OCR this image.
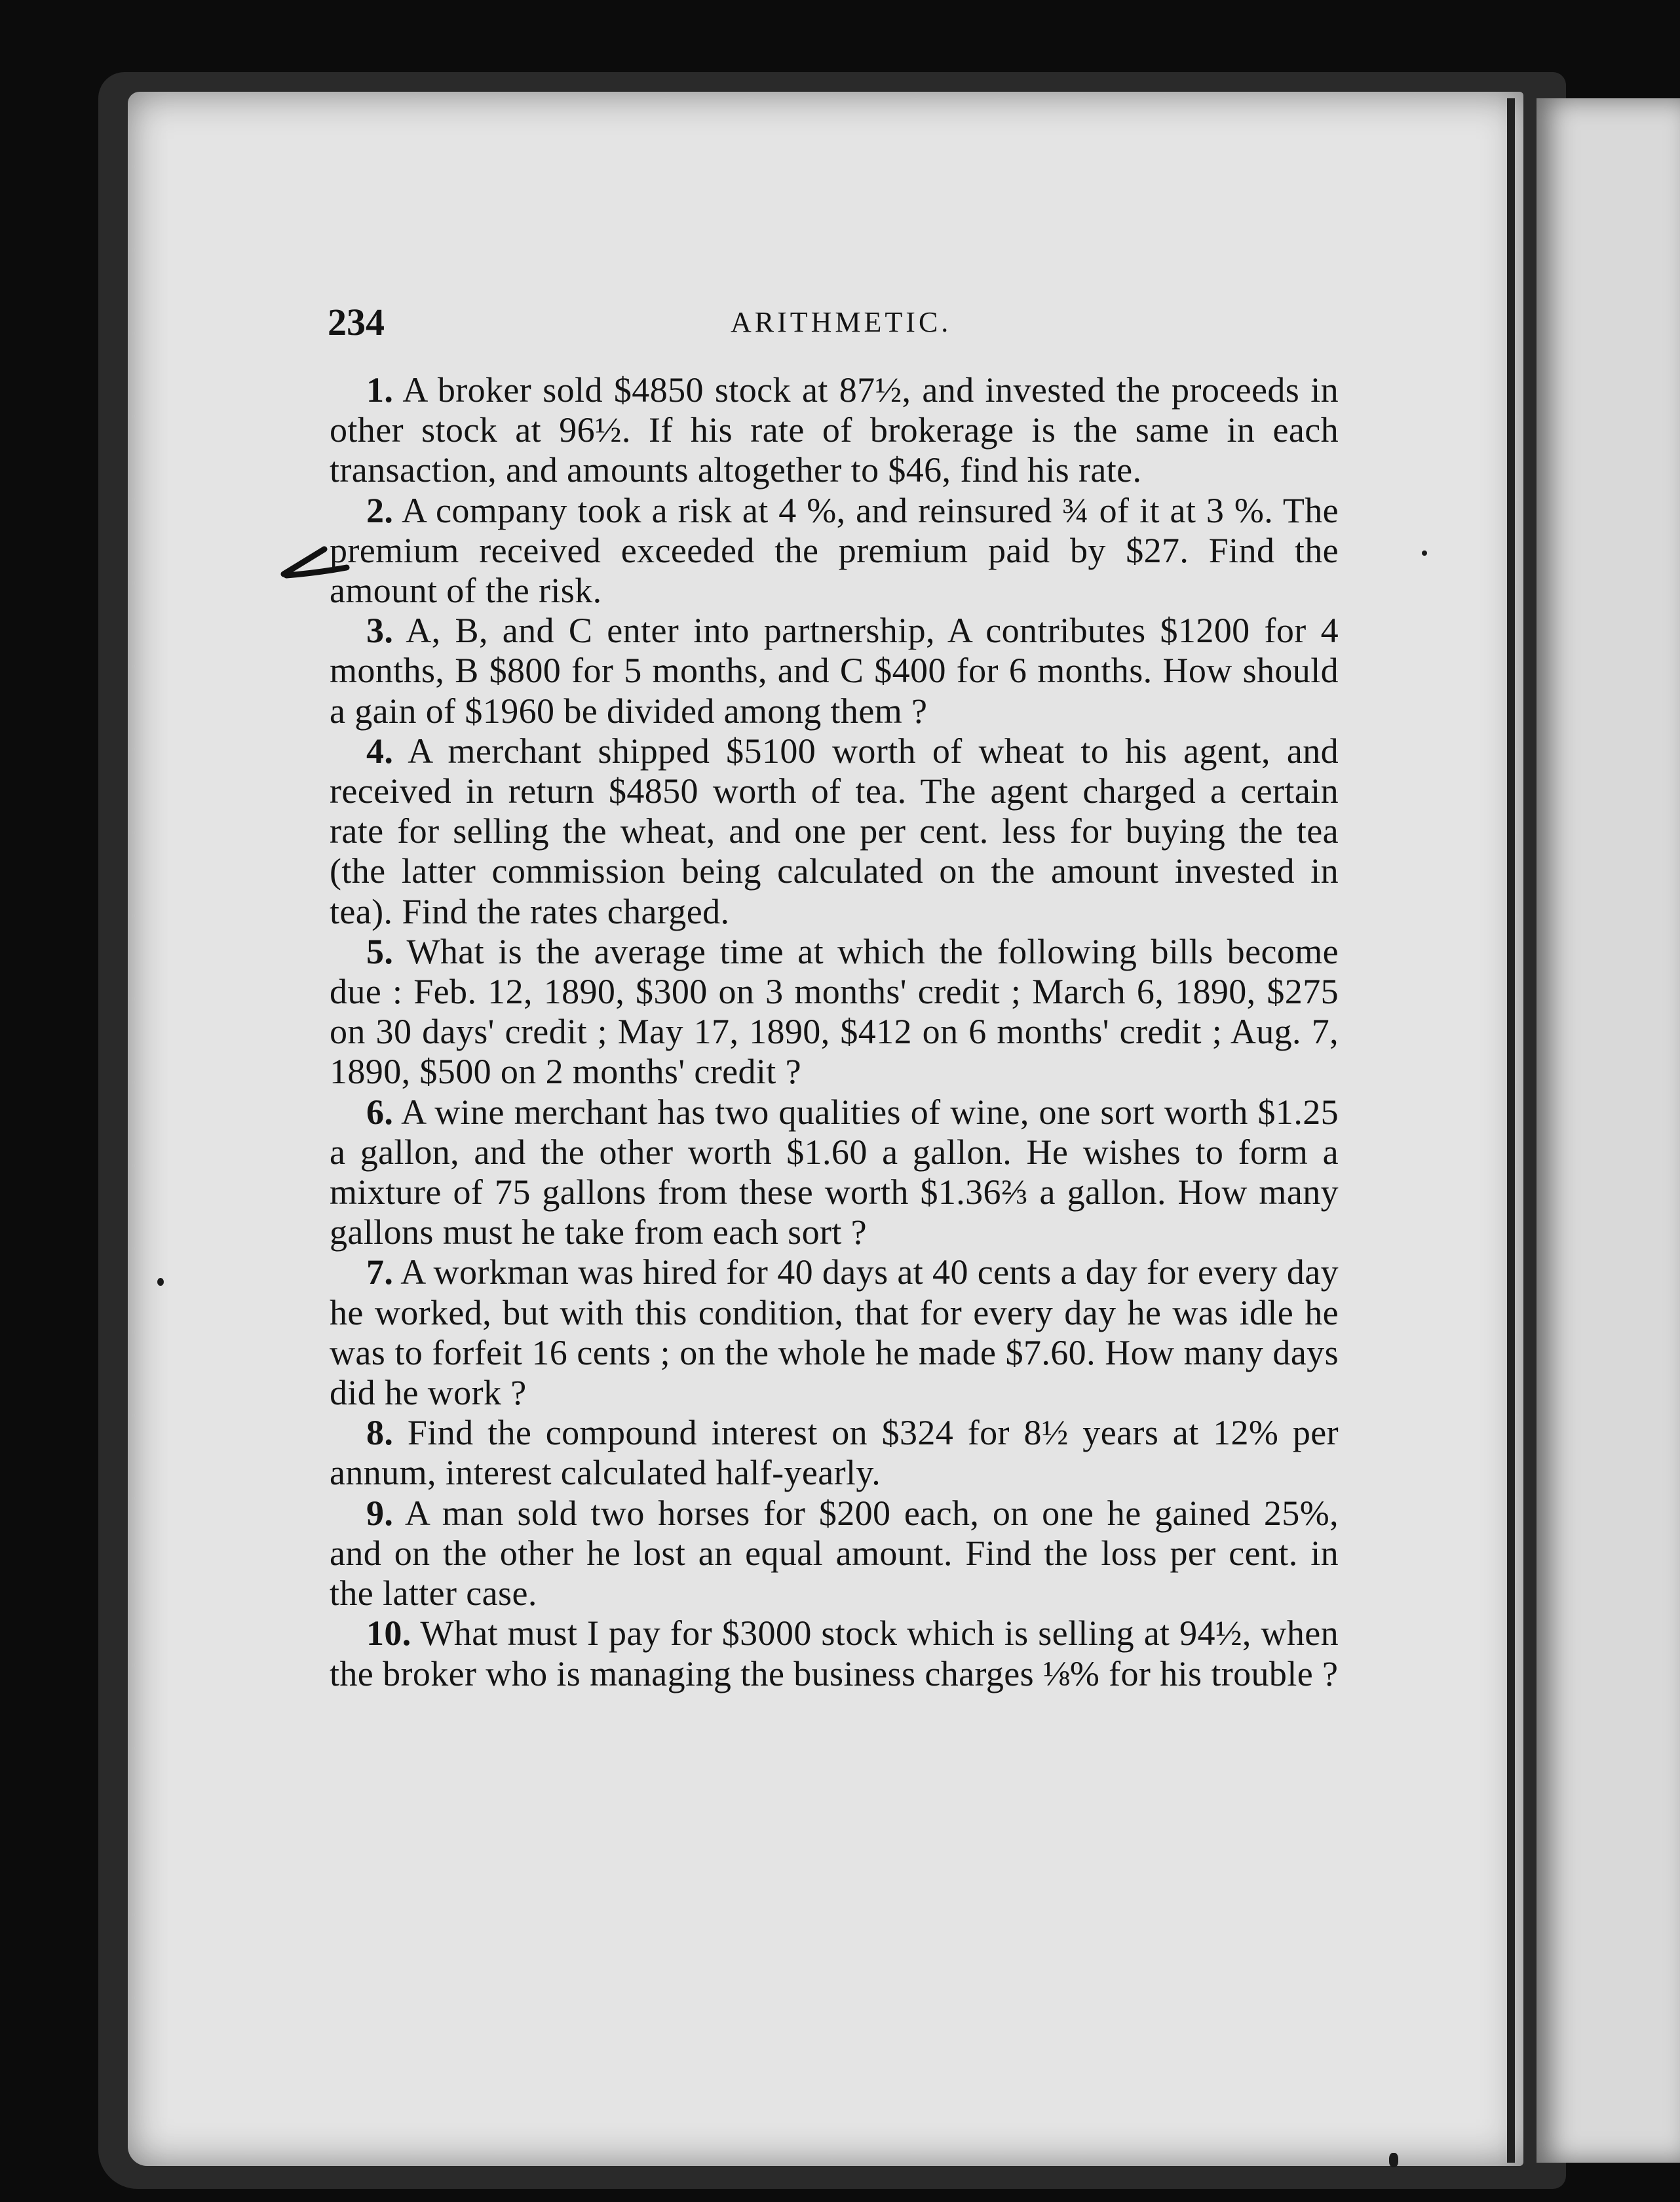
234	ARITHMETIC.

1. A broker sold $4850 stock at 87½, and invested the proceeds in other stock at 96½. If his rate of brokerage is the same in each transaction, and amounts altogether to $46, find his rate.

2. A company took a risk at 4 %, and reinsured ¾ of it at 3 %. The premium received exceeded the premium paid by $27. Find the amount of the risk.

3. A, B, and C enter into partnership, A contributes $1200 for 4 months, B $800 for 5 months, and C $400 for 6 months. How should a gain of $1960 be divided among them ?

4. A merchant shipped $5100 worth of wheat to his agent, and received in return $4850 worth of tea. The agent charged a certain rate for selling the wheat, and one per cent. less for buying the tea (the latter commission being calculated on the amount invested in tea). Find the rates charged.

5. What is the average time at which the following bills become due : Feb. 12, 1890, $300 on 3 months' credit ; March 6, 1890, $275 on 30 days' credit ; May 17, 1890, $412 on 6 months' credit ; Aug. 7, 1890, $500 on 2 months' credit ?

6. A wine merchant has two qualities of wine, one sort worth $1.25 a gallon, and the other worth $1.60 a gallon. He wishes to form a mixture of 75 gallons from these worth $1.36⅔ a gallon. How many gallons must he take from each sort ?

7. A workman was hired for 40 days at 40 cents a day for every day he worked, but with this condition, that for every day he was idle he was to forfeit 16 cents ; on the whole he made $7.60. How many days did he work ?

8. Find the compound interest on $324 for 8½ years at 12% per annum, interest calculated half-yearly.

9. A man sold two horses for $200 each, on one he gained 25%, and on the other he lost an equal amount. Find the loss per cent. in the latter case.

10. What must I pay for $3000 stock which is selling at 94½, when the broker who is managing the business charges ⅛% for his trouble ?
